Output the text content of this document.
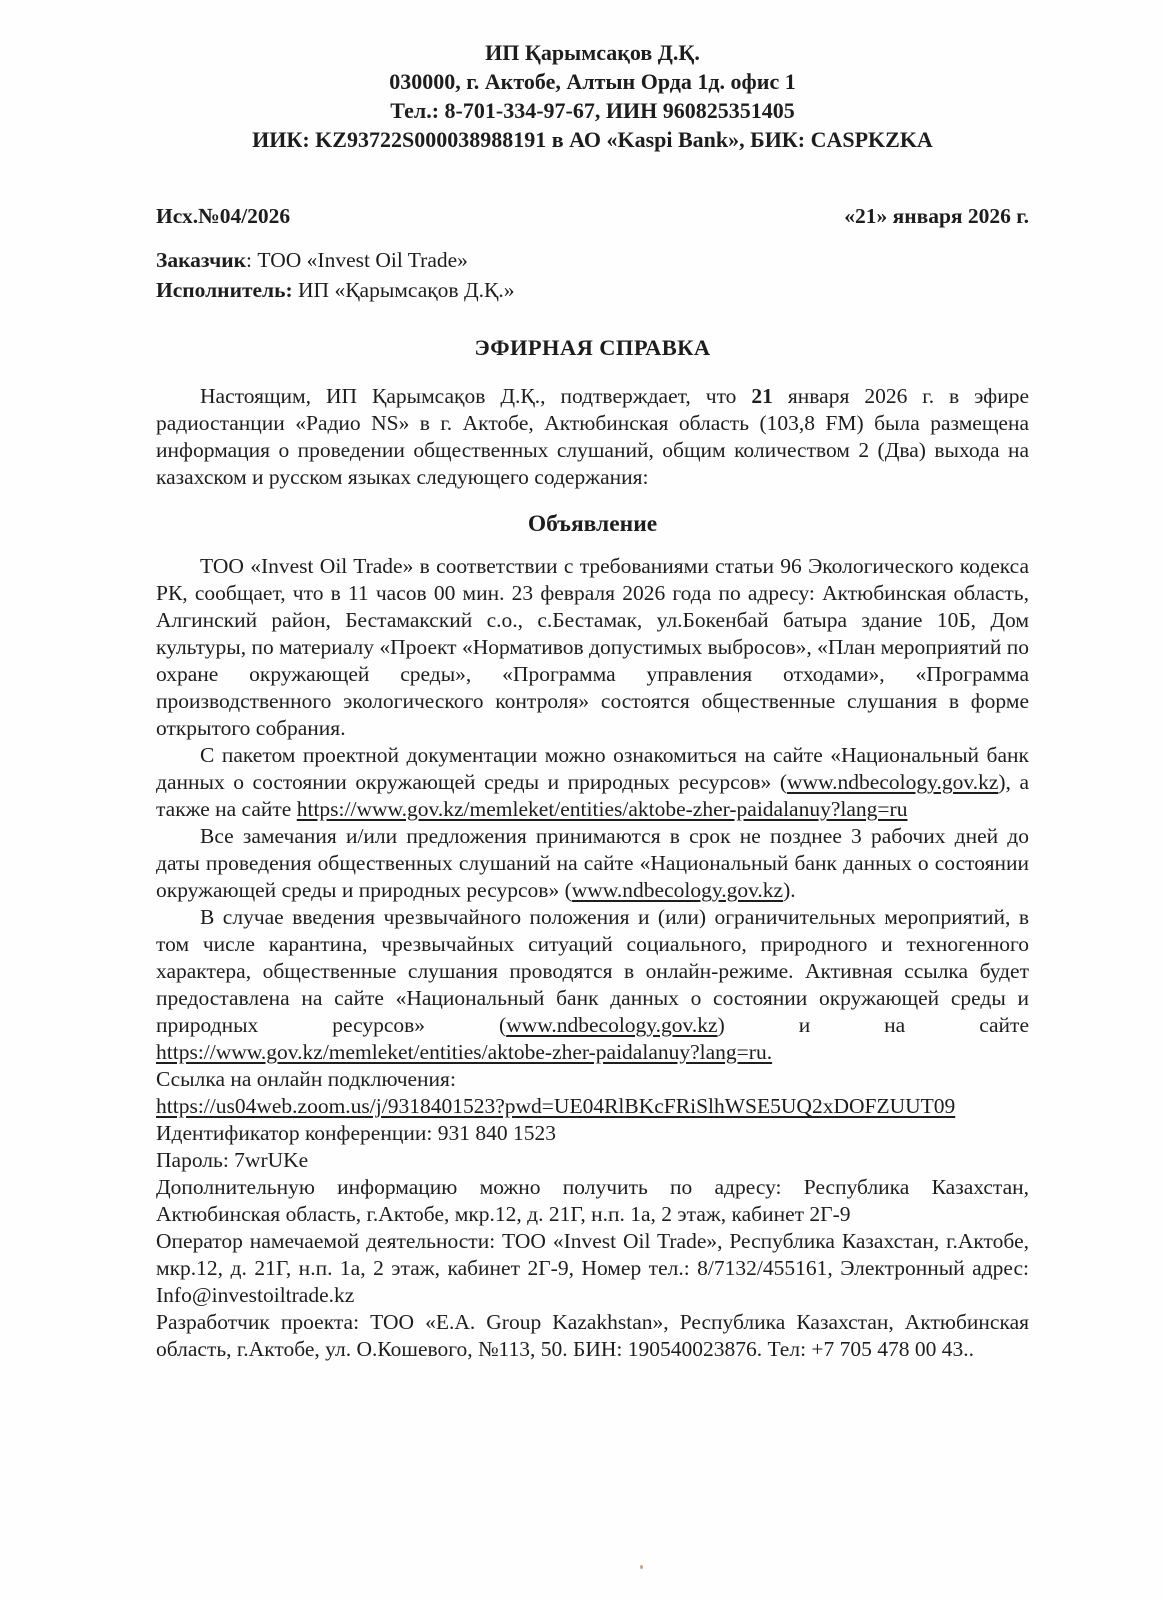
ИП Қарымсақов Д.Қ.
030000, г. Актобе, Алтын Орда 1д. офис 1
Тел.: 8-701-334-97-67, ИИН 960825351405
ИИК: KZ93722S000038988191 в АО «Kaspi Bank», БИК: CASPKZKA
Исх.№04/2026	«21» января 2026 г.
Заказчик: ТОО «Invest Oil Trade»
Исполнитель: ИП «Қарымсақов Д.Қ.»
ЭФИРНАЯ СПРАВКА

Настоящим, ИП Қарымсақов Д.Қ., подтверждает, что 21 января 2026 г. в эфире радиостанции «Радио NS» в г. Актобе, Актюбинская область (103,8 FM) была размещена информация о проведении общественных слушаний, общим количеством 2 (Два) выхода на казахском и русском языках следующего содержания:

Объявление

ТОО «Invest Oil Trade» в соответствии с требованиями статьи 96 Экологического кодекса РК, сообщает, что в 11 часов 00 мин. 23 февраля 2026 года по адресу: Актюбинская область, Алгинский район, Бестамакский с.о., с.Бестамак, ул.Бокенбай батыра здание 10Б, Дом культуры, по материалу «Проект «Нормативов допустимых выбросов», «План мероприятий по охране окружающей среды», «Программа управления отходами», «Программа производственного экологического контроля» состоятся общественные слушания в форме открытого собрания.

С пакетом проектной документации можно ознакомиться на сайте «Национальный банк данных о состоянии окружающей среды и природных ресурсов» (www.ndbecology.gov.kz), а также на сайте https://www.gov.kz/memleket/entities/aktobe-zher-paidalanuy?lang=ru

Все замечания и/или предложения принимаются в срок не позднее 3 рабочих дней до даты проведения общественных слушаний на сайте «Национальный банк данных о состоянии окружающей среды и природных ресурсов» (www.ndbecology.gov.kz).

В случае введения чрезвычайного положения и (или) ограничительных мероприятий, в том числе карантина, чрезвычайных ситуаций социального, природного и техногенного характера, общественные слушания проводятся в онлайн-режиме. Активная ссылка будет предоставлена на сайте «Национальный банк данных о состоянии окружающей среды и природных ресурсов» (www.ndbecology.gov.kz) и на сайте https://www.gov.kz/memleket/entities/aktobe-zher-paidalanuy?lang=ru.

Ссылка на онлайн подключения:

https://us04web.zoom.us/j/9318401523?pwd=UE04RlBKcFRiSlhWSE5UQ2xDOFZUUT09

Идентификатор конференции: 931 840 1523

Пароль: 7wrUKe

Дополнительную информацию можно получить по адресу: Республика Казахстан, Актюбинская область, г.Актобе, мкр.12, д. 21Г, н.п. 1а, 2 этаж, кабинет 2Г-9

Оператор намечаемой деятельности: ТОО «Invest Oil Trade», Республика Казахстан, г.Актобе, мкр.12, д. 21Г, н.п. 1а, 2 этаж, кабинет 2Г-9, Номер тел.: 8/7132/455161, Электронный адрес: Info@investoiltrade.kz

Разработчик проекта: ТОО «E.A. Group Kazakhstan», Республика Казахстан, Актюбинская область, г.Актобе, ул. О.Кошевого, №113, 50. БИН: 190540023876. Тел: +7 705 478 00 43..
